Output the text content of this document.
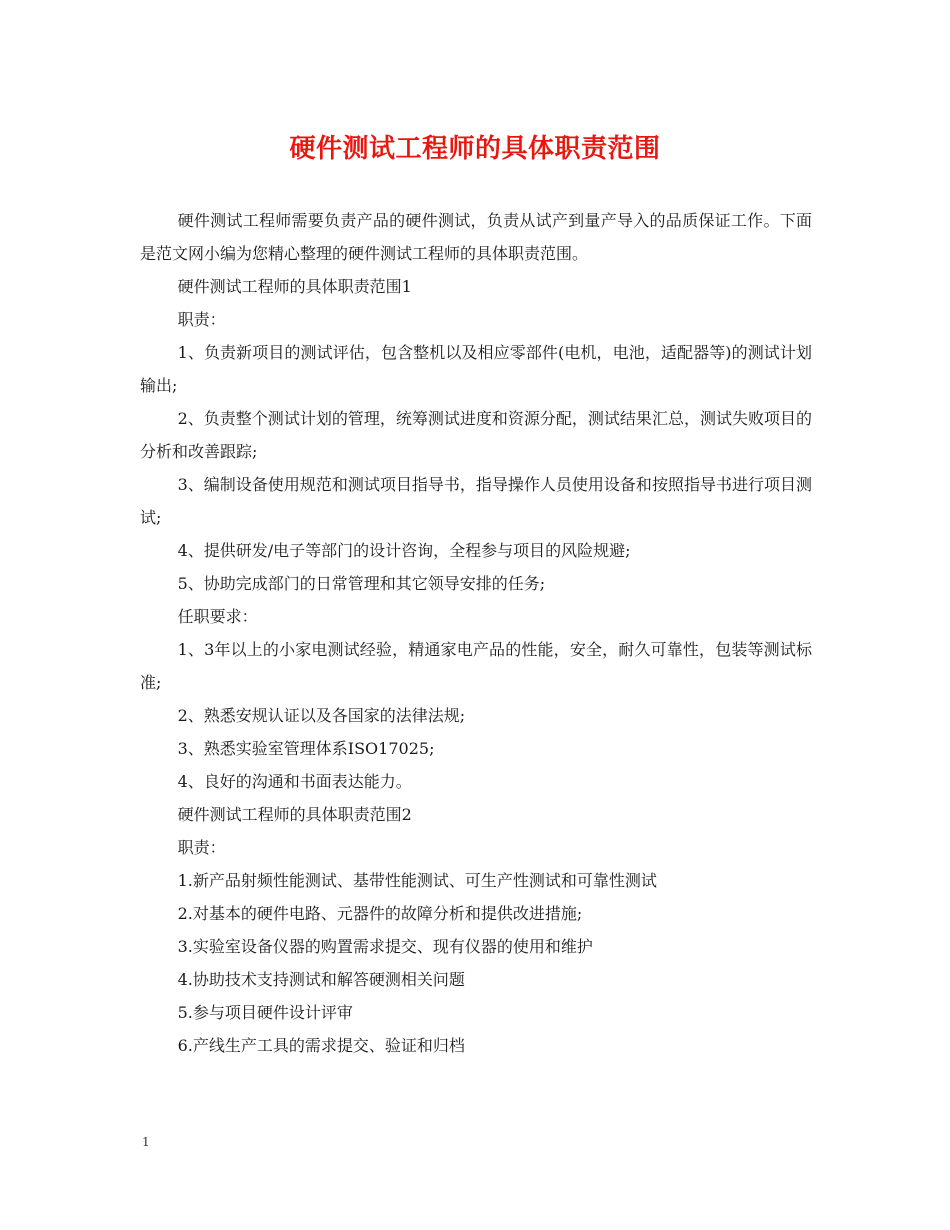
硬件测试工程师的具体职责范围

硬件测试工程师需要负责产品的硬件测试，负责从试产到量产导入的品质保证工作。下面是范文网小编为您精心整理的硬件测试工程师的具体职责范围。

硬件测试工程师的具体职责范围1

职责：

1、负责新项目的测试评估，包含整机以及相应零部件(电机，电池，适配器等)的测试计划输出;

2、负责整个测试计划的管理，统筹测试进度和资源分配，测试结果汇总，测试失败项目的分析和改善跟踪;

3、编制设备使用规范和测试项目指导书，指导操作人员使用设备和按照指导书进行项目测试;

4、提供研发/电子等部门的设计咨询，全程参与项目的风险规避;

5、协助完成部门的日常管理和其它领导安排的任务;

任职要求：

1、3年以上的小家电测试经验，精通家电产品的性能，安全，耐久可靠性，包装等测试标准;

2、熟悉安规认证以及各国家的法律法规;

3、熟悉实验室管理体系ISO17025;

4、良好的沟通和书面表达能力。

硬件测试工程师的具体职责范围2

职责：

1.新产品射频性能测试、基带性能测试、可生产性测试和可靠性测试

2.对基本的硬件电路、元器件的故障分析和提供改进措施;

3.实验室设备仪器的购置需求提交、现有仪器的使用和维护

4.协助技术支持测试和解答硬测相关问题

5.参与项目硬件设计评审

6.产线生产工具的需求提交、验证和归档

1
